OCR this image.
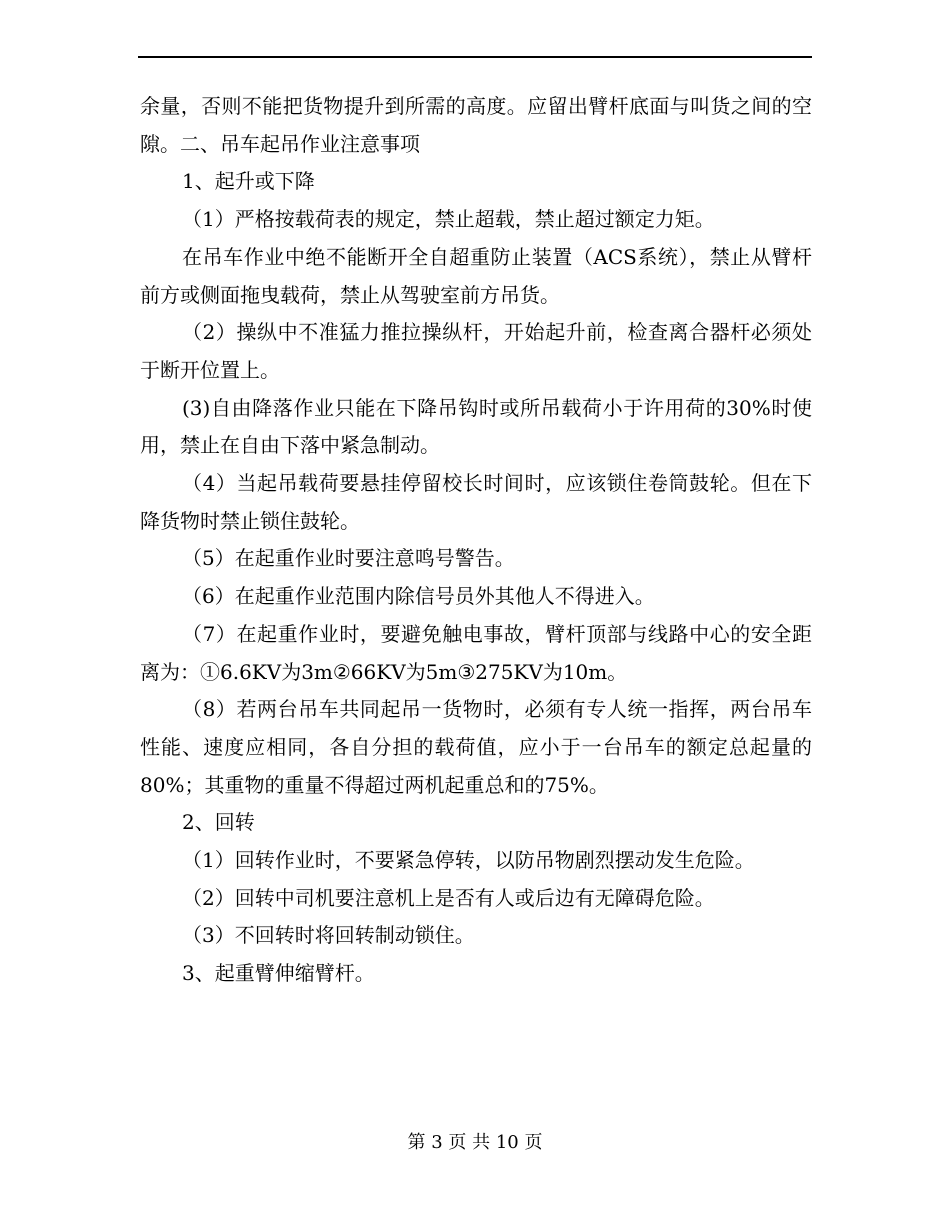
余量，否则不能把货物提升到所需的高度。应留出臂杆底面与叫货之间的空隙。二、吊车起吊作业注意事项

1、起升或下降

（1）严格按载荷表的规定，禁止超载，禁止超过额定力矩。

在吊车作业中绝不能断开全自超重防止装置（ACS系统），禁止从臂杆前方或侧面拖曳载荷，禁止从驾驶室前方吊货。

（2）操纵中不准猛力推拉操纵杆，开始起升前，检查离合器杆必须处于断开位置上。

(3)自由降落作业只能在下降吊钩时或所吊载荷小于许用荷的30%时使用，禁止在自由下落中紧急制动。

（4）当起吊载荷要悬挂停留校长时间时，应该锁住卷筒鼓轮。但在下降货物时禁止锁住鼓轮。

（5）在起重作业时要注意鸣号警告。

（6）在起重作业范围内除信号员外其他人不得进入。

（7）在起重作业时，要避免触电事故，臂杆顶部与线路中心的安全距离为：①6.6KV为3m②66KV为5m③275KV为10m。

（8）若两台吊车共同起吊一货物时，必须有专人统一指挥，两台吊车性能、速度应相同，各自分担的载荷值，应小于一台吊车的额定总起量的80%；其重物的重量不得超过两机起重总和的75%。

2、回转

（1）回转作业时，不要紧急停转，以防吊物剧烈摆动发生危险。

（2）回转中司机要注意机上是否有人或后边有无障碍危险。

（3）不回转时将回转制动锁住。

3、起重臂伸缩臂杆。

第 3 页 共 10 页
